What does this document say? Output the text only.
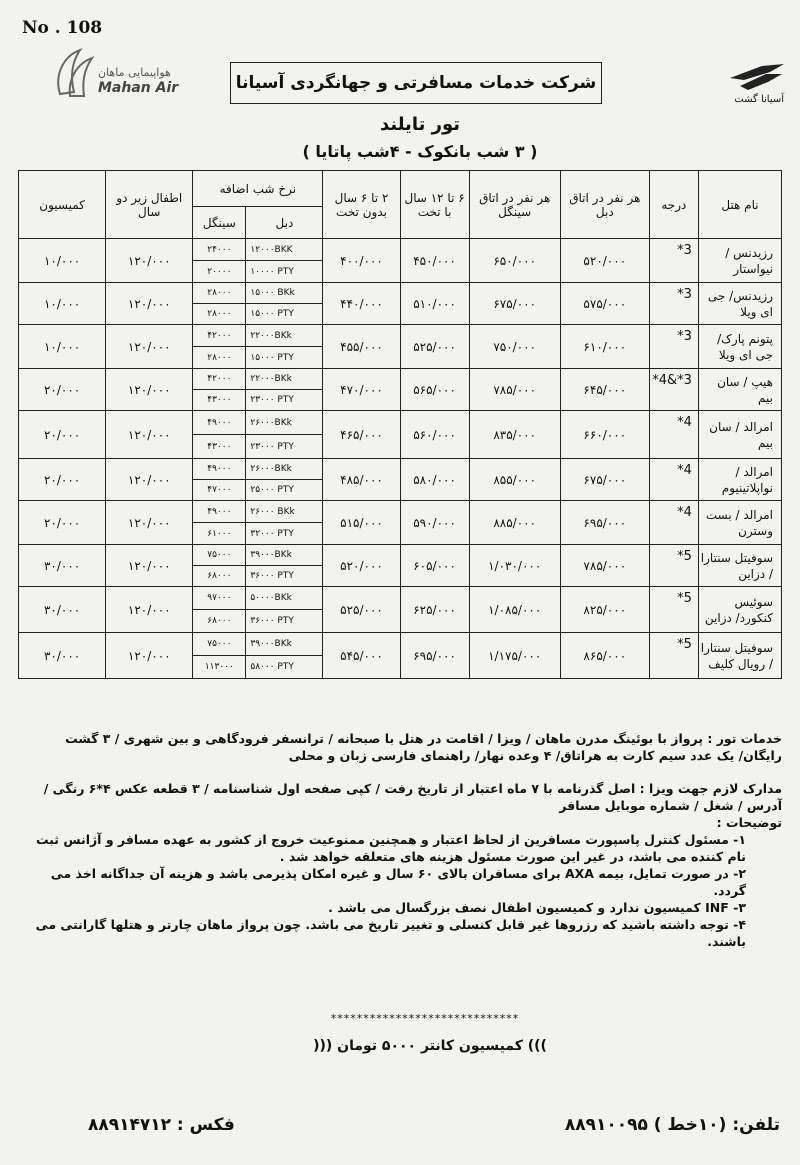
No . 108
هواپیمایی ماهان
Mahan Air
آسیانا گشت
شرکت خدمات مسافرتی و جهانگردی آسیانا
تور تایلند
( ۳ شب بانکوک - ۴شب پاتایا )
نام هتل	درجه	هر نفر در اتاق دبل	هر نفر در اتاق سینگل	۶ تا ۱۲ سال با تخت	۲ تا ۶ سال بدون تخت	نرخ شب اضافه		اطفال زیر دو سال	کمیسیون
						دبل	سینگل		
رزیدنس / نیواستار	3*	۵۲۰/۰۰۰	۶۵۰/۰۰۰	۴۵۰/۰۰۰	۴۰۰/۰۰۰	۱۲۰۰۰BKK	۲۴۰۰۰	۱۲۰/۰۰۰	۱۰/۰۰۰
						۱۰۰۰۰ PTY	۲۰۰۰۰		
رزیدنس/ جی ای ویلا	3*	۵۷۵/۰۰۰	۶۷۵/۰۰۰	۵۱۰/۰۰۰	۴۴۰/۰۰۰	۱۵۰۰۰ BKk	۲۸۰۰۰	۱۲۰/۰۰۰	۱۰/۰۰۰
						۱۵۰۰۰ PTY	۲۸۰۰۰		
پتونم پارک/ جی ای ویلا	3*	۶۱۰/۰۰۰	۷۵۰/۰۰۰	۵۲۵/۰۰۰	۴۵۵/۰۰۰	۲۲۰۰۰BKk	۴۲۰۰۰	۱۲۰/۰۰۰	۱۰/۰۰۰
						۱۵۰۰۰ PTY	۲۸۰۰۰		
هیپ / سان بیم	3*&4*	۶۴۵/۰۰۰	۷۸۵/۰۰۰	۵۶۵/۰۰۰	۴۷۰/۰۰۰	۲۲۰۰۰BKk	۴۲۰۰۰	۱۲۰/۰۰۰	۲۰/۰۰۰
						۲۳۰۰۰ PTY	۴۳۰۰۰		
امرالد / سان بیم	4*	۶۶۰/۰۰۰	۸۳۵/۰۰۰	۵۶۰/۰۰۰	۴۶۵/۰۰۰	۲۶۰۰۰BKk	۴۹۰۰۰	۱۲۰/۰۰۰	۲۰/۰۰۰
						۲۳۰۰۰ PTY	۴۳۰۰۰		
امرالد / نواپلاتینیوم	4*	۶۷۵/۰۰۰	۸۵۵/۰۰۰	۵۸۰/۰۰۰	۴۸۵/۰۰۰	۲۶۰۰۰BKk	۴۹۰۰۰	۱۲۰/۰۰۰	۲۰/۰۰۰
						۲۵۰۰۰ PTY	۴۷۰۰۰		
امرالد / بست وسترن	4*	۶۹۵/۰۰۰	۸۸۵/۰۰۰	۵۹۰/۰۰۰	۵۱۵/۰۰۰	۲۶۰۰۰ BKk	۴۹۰۰۰	۱۲۰/۰۰۰	۲۰/۰۰۰
						۳۲۰۰۰ PTY	۶۱۰۰۰		
سوفیتل سنتارا / دزاین	5*	۷۸۵/۰۰۰	۱/۰۳۰/۰۰۰	۶۰۵/۰۰۰	۵۲۰/۰۰۰	۳۹۰۰۰BKk	۷۵۰۰۰	۱۲۰/۰۰۰	۳۰/۰۰۰
						۳۶۰۰۰ PTY	۶۸۰۰۰		
سوئیس کنکورد/ دزاین	5*	۸۲۵/۰۰۰	۱/۰۸۵/۰۰۰	۶۲۵/۰۰۰	۵۲۵/۰۰۰	۵۰۰۰۰BKk	۹۷۰۰۰	۱۲۰/۰۰۰	۳۰/۰۰۰
						۳۶۰۰۰ PTY	۶۸۰۰۰		
سوفیتل سنتارا / رویال کلیف	5*	۸۶۵/۰۰۰	۱/۱۷۵/۰۰۰	۶۹۵/۰۰۰	۵۴۵/۰۰۰	۳۹۰۰۰BKk	۷۵۰۰۰	۱۲۰/۰۰۰	۳۰/۰۰۰
						۵۸۰۰۰ PTY	۱۱۳۰۰۰		

خدمات تور : پرواز با بوئینگ مدرن ماهان / ویزا / اقامت در هتل با صبحانه / ترانسفر فرودگاهی و بین شهری / ۳ گشت رایگان/ یک عدد سیم کارت به هراتاق/ ۴ وعده نهار/ راهنمای فارسی زبان و محلی

مدارک لازم جهت ویزا : اصل گذرنامه با ۷ ماه اعتبار از تاریخ رفت / کپی صفحه اول شناسنامه / ۳ قطعه عکس ۴*۶ رنگی / آدرس / شغل / شماره موبایل مسافر

توضیحات :

۱- مسئول کنترل پاسپورت مسافرین از لحاظ اعتبار و همچنین ممنوعیت خروج از کشور به عهده مسافر و آژانس ثبت نام کننده می باشد، در غیر این صورت مسئول هزینه های متعلقه خواهد شد .

۲- در صورت تمایل، بیمه AXA برای مسافران بالای ۶۰ سال و غیره امکان پذیرمی باشد و هزینه آن جداگانه اخذ می گردد.

۳- INF کمیسیون ندارد و کمیسیون اطفال نصف بزرگسال می باشد .

۴- توجه داشته باشید که رزروها غیر قابل کنسلی و تغییر تاریخ می باشد. چون پرواز ماهان چارتر و هتلها گارانتی می باشند.

*****************************
))) کمیسیون کانتر ۵۰۰۰ تومان (((
تلفن: (۱۰خط ) ۸۸۹۱۰۰۹۵
فکس : ۸۸۹۱۴۷۱۲
